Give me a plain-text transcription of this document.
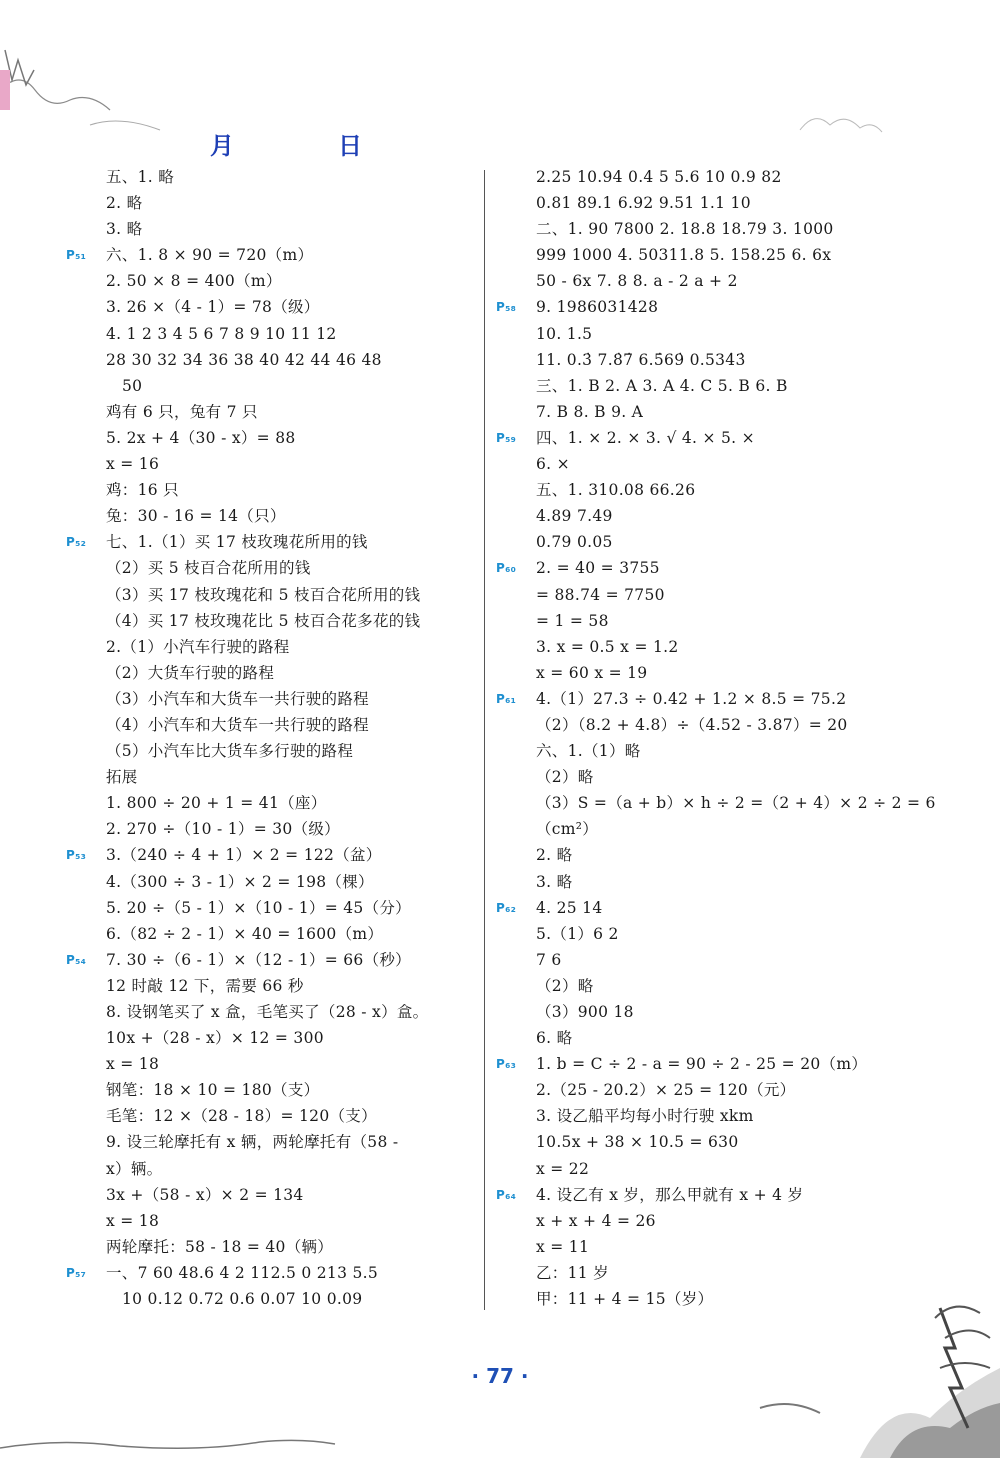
月	日
五、1. 略
2. 略
3. 略
P₅₁ 六、1. 8 × 90 = 720（m）
2. 50 × 8 = 400（m）
3. 26 ×（4 - 1）= 78（级）
4. 1 2 3 4 5 6 7 8 9 10 11 12
28 30 32 34 36 38 40 42 44 46 48
50
鸡有 6 只，兔有 7 只
5. 2x + 4（30 - x）= 88
x = 16
鸡：16 只
兔：30 - 16 = 14（只）
P₅₂ 七、1.（1）买 17 枝玫瑰花所用的钱
（2）买 5 枝百合花所用的钱
（3）买 17 枝玫瑰花和 5 枝百合花所用的钱
（4）买 17 枝玫瑰花比 5 枝百合花多花的钱
2.（1）小汽车行驶的路程
（2）大货车行驶的路程
（3）小汽车和大货车一共行驶的路程
（4）小汽车和大货车一共行驶的路程
（5）小汽车比大货车多行驶的路程
拓展
1. 800 ÷ 20 + 1 = 41（座）
2. 270 ÷（10 - 1）= 30（级）
P₅₃ 3.（240 ÷ 4 + 1）× 2 = 122（盆）
4.（300 ÷ 3 - 1）× 2 = 198（棵）
5. 20 ÷（5 - 1）×（10 - 1）= 45（分）
6.（82 ÷ 2 - 1）× 40 = 1600（m）
P₅₄ 7. 30 ÷（6 - 1）×（12 - 1）= 66（秒）
12 时敲 12 下，需要 66 秒
8. 设钢笔买了 x 盒，毛笔买了（28 - x）盒。
10x +（28 - x）× 12 = 300
x = 18
钢笔：18 × 10 = 180（支）
毛笔：12 ×（28 - 18）= 120（支）
9. 设三轮摩托有 x 辆，两轮摩托有（58 -
x）辆。
3x +（58 - x）× 2 = 134
x = 18
两轮摩托：58 - 18 = 40（辆）
P₅₇ 一、7 60 48.6 4 2 112.5 0 213 5.5
10 0.12 0.72 0.6 0.07 10 0.09
2.25 10.94 0.4 5 5.6 10 0.9 82
0.81 89.1 6.92 9.51 1.1 10
二、1. 90 7800 2. 18.8 18.79 3. 1000
999 1000 4. 50311.8 5. 158.25 6. 6x
50 - 6x 7. 8 8. a - 2 a + 2
P₅₈ 9. 1986031428
10. 1.5
11. 0.3̇ 7.8̇7̇ 6.5̇69̇ 0.534̇3̇
三、1. B 2. A 3. A 4. C 5. B 6. B
7. B 8. B 9. A
P₅₉ 四、1. × 2. × 3. √ 4. × 5. ×
6. ×
五、1. 310.08 66.26
4.89 7.49
0.79 0.05
P₆₀ 2. = 40 = 3755
= 88.74 = 7750
= 1 = 58
3. x = 0.5 x = 1.2
x = 60 x = 19
P₆₁ 4.（1）27.3 ÷ 0.42 + 1.2 × 8.5 = 75.2
（2）（8.2 + 4.8）÷（4.52 - 3.87）= 20
六、1.（1）略
（2）略
（3）S =（a + b）× h ÷ 2 =（2 + 4）× 2 ÷ 2 = 6
（cm²）
2. 略
3. 略
P₆₂ 4. 25 14
5.（1）6 2
7 6
（2）略
（3）900 18
6. 略
P₆₃ 1. b = C ÷ 2 - a = 90 ÷ 2 - 25 = 20（m）
2.（25 - 20.2）× 25 = 120（元）
3. 设乙船平均每小时行驶 xkm
10.5x + 38 × 10.5 = 630
x = 22
P₆₄ 4. 设乙有 x 岁，那么甲就有 x + 4 岁
x + x + 4 = 26
x = 11
乙：11 岁
甲：11 + 4 = 15（岁）
· 77 ·
